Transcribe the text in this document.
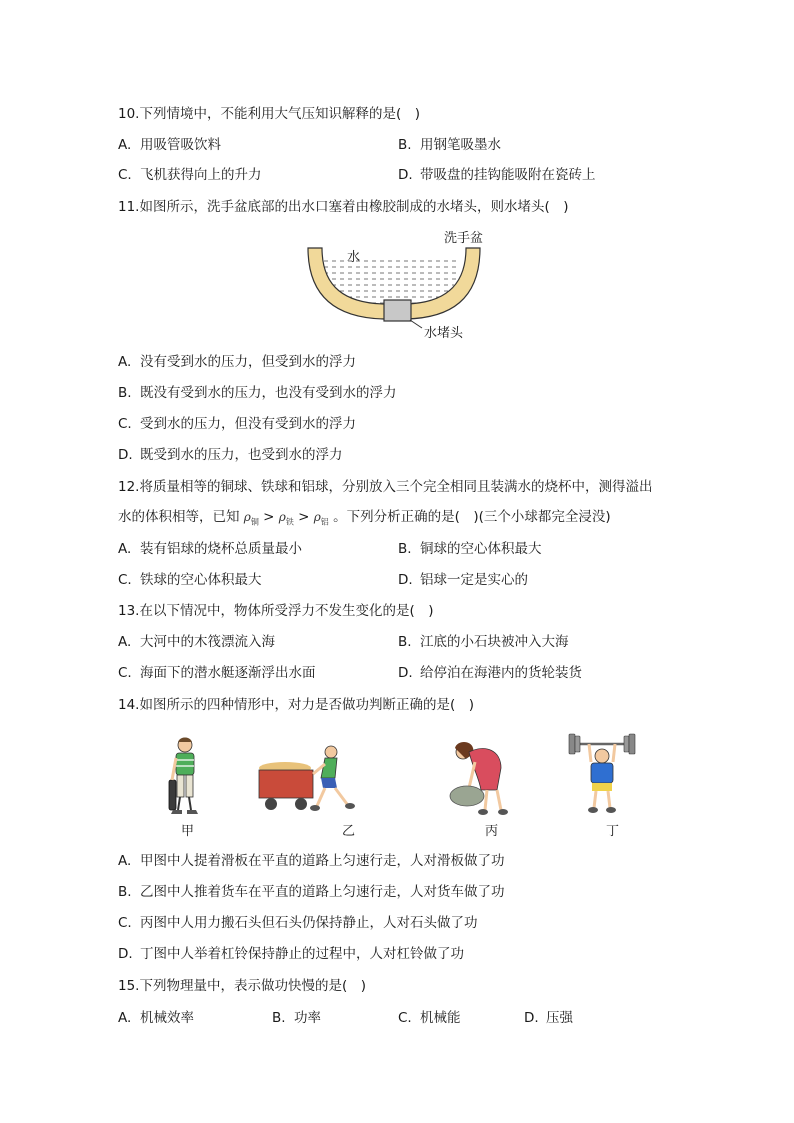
10.下列情境中，不能利用大气压知识解释的是(　)
A. 用吸管吸饮料	B. 用钢笔吸墨水
C. 飞机获得向上的升力	D. 带吸盘的挂钩能吸附在瓷砖上
11.如图所示，洗手盆底部的出水口塞着由橡胶制成的水堵头，则水堵头(　)
水
洗手盆
水堵头
A. 没有受到水的压力，但受到水的浮力
B. 既没有受到水的压力，也没有受到水的浮力
C. 受到水的压力，但没有受到水的浮力
D. 既受到水的压力，也受到水的浮力
12.将质量相等的铜球、铁球和铝球，分别放入三个完全相同且装满水的烧杯中，测得溢出
水的体积相等，已知 $\rho_铜 > \rho_铁 > \rho_铝$ 。下列分析正确的是(　)(三个小球都完全浸没)
A. 装有铝球的烧杯总质量最小	B. 铜球的空心体积最大
C. 铁球的空心体积最大	D. 铝球一定是实心的
13.在以下情况中，物体所受浮力不发生变化的是(　)
A. 大河中的木筏漂流入海	B. 江底的小石块被冲入大海
C. 海面下的潜水艇逐渐浮出水面	D. 给停泊在海港内的货轮装货
14.如图所示的四种情形中，对力是否做功判断正确的是(　)
甲	乙	丙	丁
A. 甲图中人提着滑板在平直的道路上匀速行走，人对滑板做了功
B. 乙图中人推着货车在平直的道路上匀速行走，人对货车做了功
C. 丙图中人用力搬石头但石头仍保持静止，人对石头做了功
D. 丁图中人举着杠铃保持静止的过程中，人对杠铃做了功
15.下列物理量中，表示做功快慢的是(　)
A. 机械效率	B. 功率	C. 机械能	D. 压强
